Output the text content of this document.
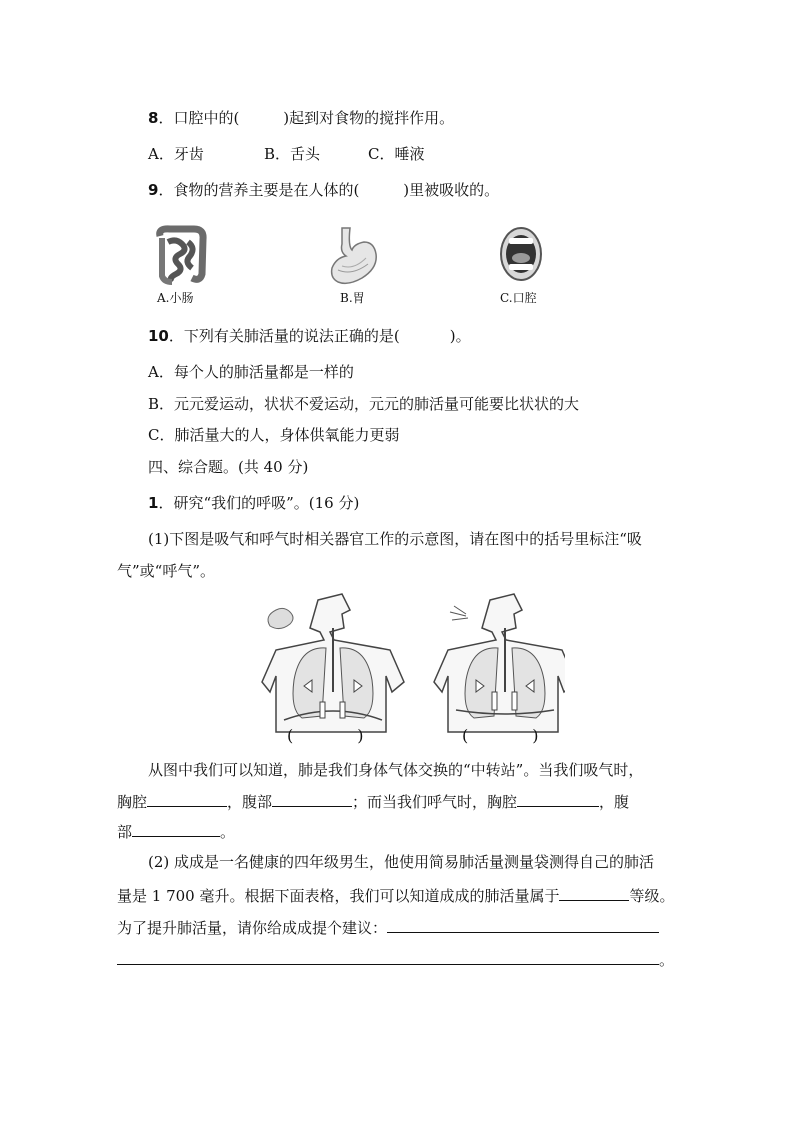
8．口腔中的(	)起到对食物的搅拌作用。
A．牙齿	B．舌头	C．唾液
9．食物的营养主要是在人体的(	)里被吸收的。
A.小肠	B.胃	C.口腔
10．下列有关肺活量的说法正确的是(	)。
A．每个人的肺活量都是一样的
B．元元爱运动，状状不爱运动，元元的肺活量可能要比状状的大
C．肺活量大的人，身体供氧能力更弱
四、综合题。(共 40 分)
1．研究“我们的呼吸”。(16 分)
(1)下图是吸气和呼气时相关器官工作的示意图，请在图中的括号里标注“吸
气”或“呼气”。
(	)	(	)
从图中我们可以知道，肺是我们身体气体交换的“中转站”。当我们吸气时，
胸腔	，腹部	；而当我们呼气时，胸腔	，腹
部	。
(2) 成成是一名健康的四年级男生，他使用简易肺活量测量袋测得自己的肺活
量是 1 700 毫升。根据下面表格，我们可以知道成成的肺活量属于	等级。
为了提升肺活量，请你给成成提个建议：
。
